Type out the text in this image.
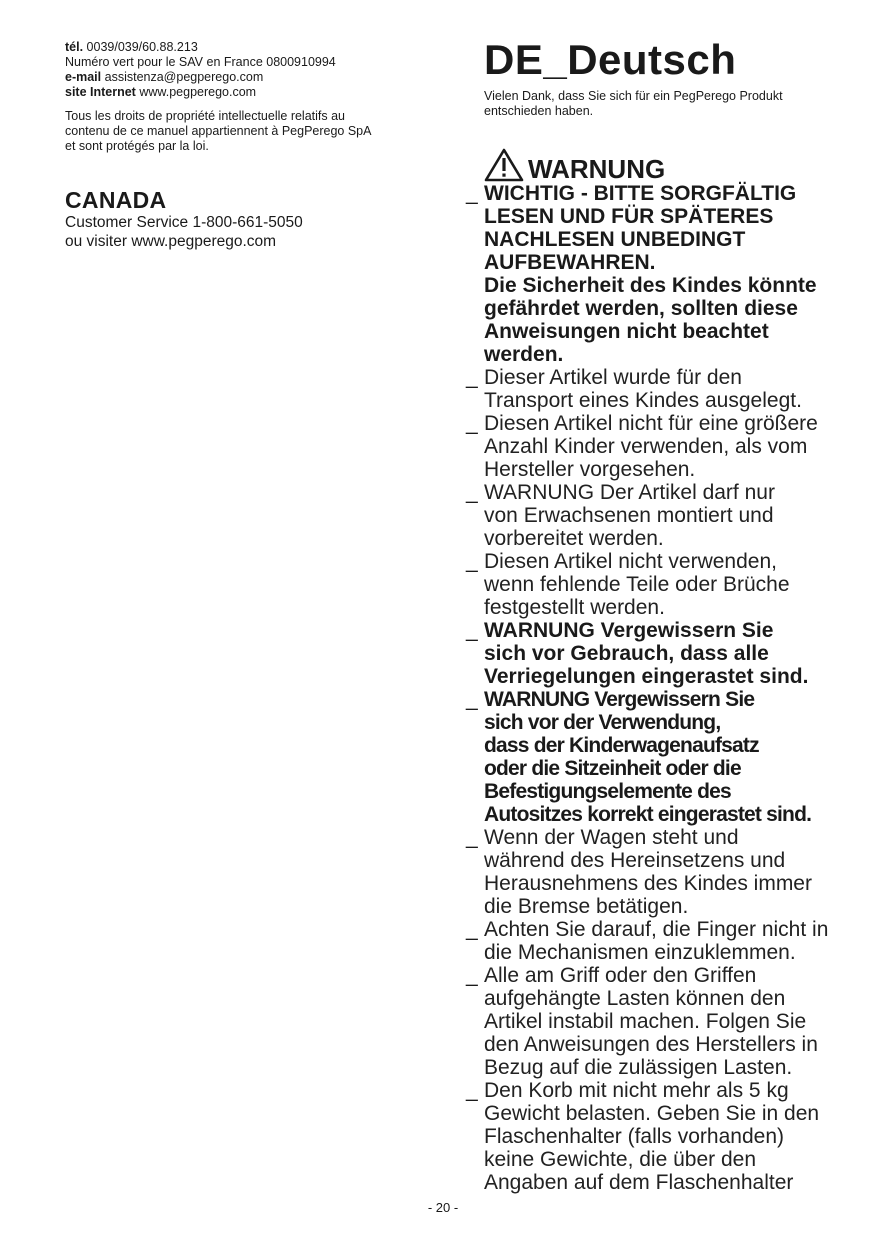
tél. 0039/039/60.88.213
Numéro vert pour le SAV en France 0800910994
e-mail assistenza@pegperego.com
site Internet www.pegperego.com
Tous les droits de propriété intellectuelle relatifs au
contenu de ce manuel appartiennent à PegPerego SpA
et sont protégés par la loi.
CANADA
Customer Service 1-800-661-5050
ou visiter www.pegperego.com
DE_Deutsch
Vielen Dank, dass Sie sich für ein PegPerego Produkt
entschieden haben.
WARNUNG
_ WICHTIG - BITTE SORGFÄLTIG
LESEN UND FÜR SPÄTERES
NACHLESEN UNBEDINGT
AUFBEWAHREN.
Die Sicherheit des Kindes könnte
gefährdet werden, sollten diese
Anweisungen nicht beachtet
werden.
_ Dieser Artikel wurde für den
Transport eines Kindes ausgelegt.
_ Diesen Artikel nicht für eine größere
Anzahl Kinder verwenden, als vom
Hersteller vorgesehen.
_ WARNUNG Der Artikel darf nur
von Erwachsenen montiert und
vorbereitet werden.
_ Diesen Artikel nicht verwenden,
wenn fehlende Teile oder Brüche
festgestellt werden.
_ WARNUNG Vergewissern Sie
sich vor Gebrauch, dass alle
Verriegelungen eingerastet sind.
_ WARNUNG Vergewissern Sie
sich vor der Verwendung,
dass der Kinderwagenaufsatz
oder die Sitzeinheit oder die
Befestigungselemente des
Autositzes korrekt eingerastet sind.
_ Wenn der Wagen steht und
während des Hereinsetzens und
Herausnehmens des Kindes immer
die Bremse betätigen.
_ Achten Sie darauf, die Finger nicht in
die Mechanismen einzuklemmen.
_ Alle am Griff oder den Griffen
aufgehängte Lasten können den
Artikel instabil machen. Folgen Sie
den Anweisungen des Herstellers in
Bezug auf die zulässigen Lasten.
_ Den Korb mit nicht mehr als 5 kg
Gewicht belasten. Geben Sie in den
Flaschenhalter (falls vorhanden)
keine Gewichte, die über den
Angaben auf dem Flaschenhalter
- 20 -
